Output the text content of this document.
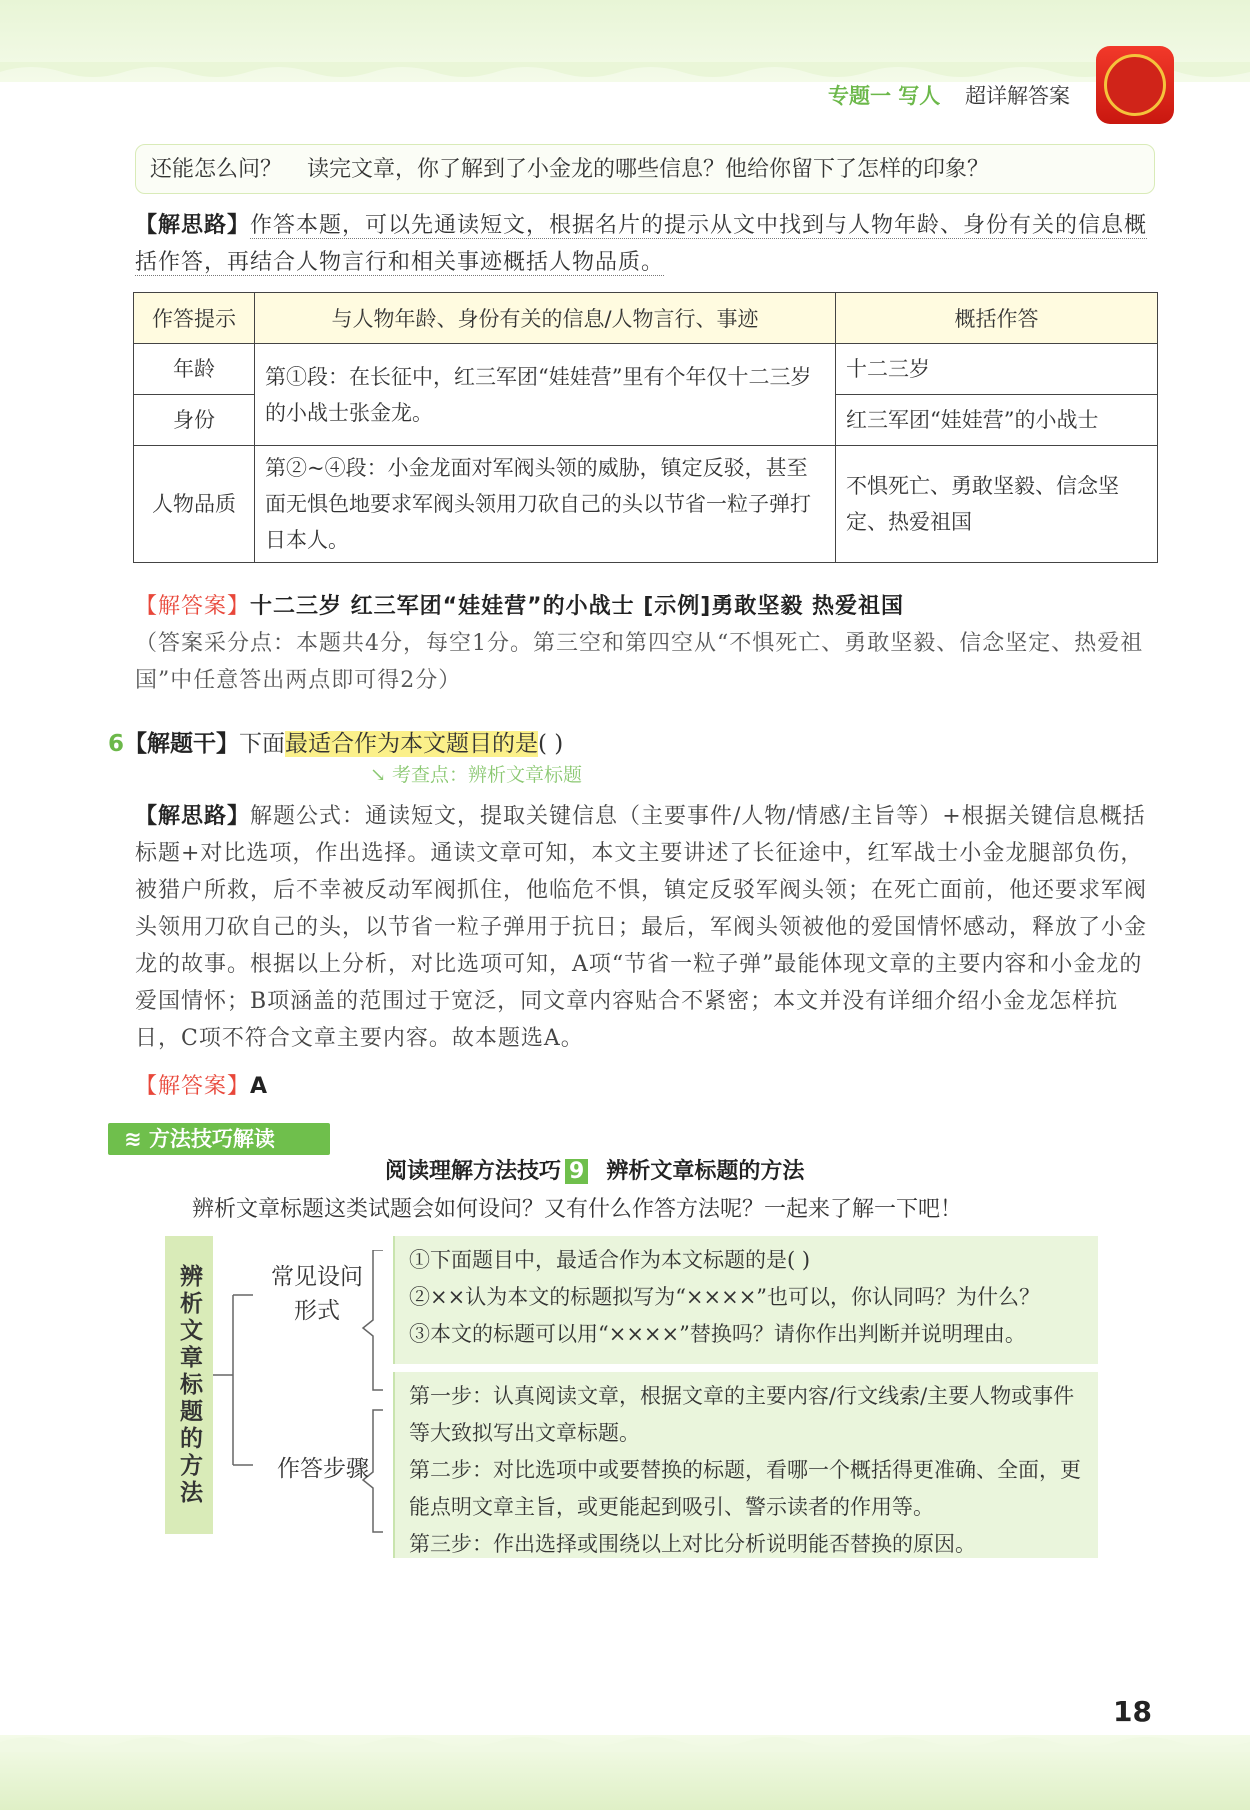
专题一 写人 超详解答案
还能怎么问？ 读完文章，你了解到了小金龙的哪些信息？他给你留下了怎样的印象？
【解思路】作答本题，可以先通读短文，根据名片的提示从文中找到与人物年龄、身份有关的信息概括作答，再结合人物言行和相关事迹概括人物品质。
作答提示	与人物年龄、身份有关的信息/人物言行、事迹	概括作答
年龄	第①段：在长征中，红三军团“娃娃营”里有个年仅十二三岁的小战士张金龙。	十二三岁
身份		红三军团“娃娃营”的小战士
人物品质	第②~④段：小金龙面对军阀头领的威胁，镇定反驳，甚至面无惧色地要求军阀头领用刀砍自己的头以节省一粒子弹打日本人。	不惧死亡、勇敢坚毅、信念坚定、热爱祖国
【解答案】十二三岁 红三军团“娃娃营”的小战士 [示例]勇敢坚毅 热爱祖国
（答案采分点：本题共4分，每空1分。第三空和第四空从“不惧死亡、勇敢坚毅、信念坚定、热爱祖国”中任意答出两点即可得2分）
6【解题干】下面最适合作为本文题目的是( )
↘ 考查点：辨析文章标题
【解思路】解题公式：通读短文，提取关键信息（主要事件/人物/情感/主旨等）+根据关键信息概括标题+对比选项，作出选择。通读文章可知，本文主要讲述了长征途中，红军战士小金龙腿部负伤，被猎户所救，后不幸被反动军阀抓住，他临危不惧，镇定反驳军阀头领；在死亡面前，他还要求军阀头领用刀砍自己的头，以节省一粒子弹用于抗日；最后，军阀头领被他的爱国情怀感动，释放了小金龙的故事。根据以上分析，对比选项可知，A项“节省一粒子弹”最能体现文章的主要内容和小金龙的爱国情怀；B项涵盖的范围过于宽泛，同文章内容贴合不紧密；本文并没有详细介绍小金龙怎样抗日，C项不符合文章主要内容。故本题选A。
【解答案】A
≋ 方法技巧解读
阅读理解方法技巧 9 辨析文章标题的方法
辨析文章标题这类试题会如何设问？又有什么作答方法呢？一起来了解一下吧！
辨析文章标题的方法	常见设问形式
作答步骤
①下面题目中，最适合作为本文标题的是( )
②××认为本文的标题拟写为“××××”也可以，你认同吗？为什么？
③本文的标题可以用“××××”替换吗？请你作出判断并说明理由。
第一步：认真阅读文章，根据文章的主要内容/行文线索/主要人物或事件等大致拟写出文章标题。
第二步：对比选项中或要替换的标题，看哪一个概括得更准确、全面，更能点明文章主旨，或更能起到吸引、警示读者的作用等。
第三步：作出选择或围绕以上对比分析说明能否替换的原因。
18
